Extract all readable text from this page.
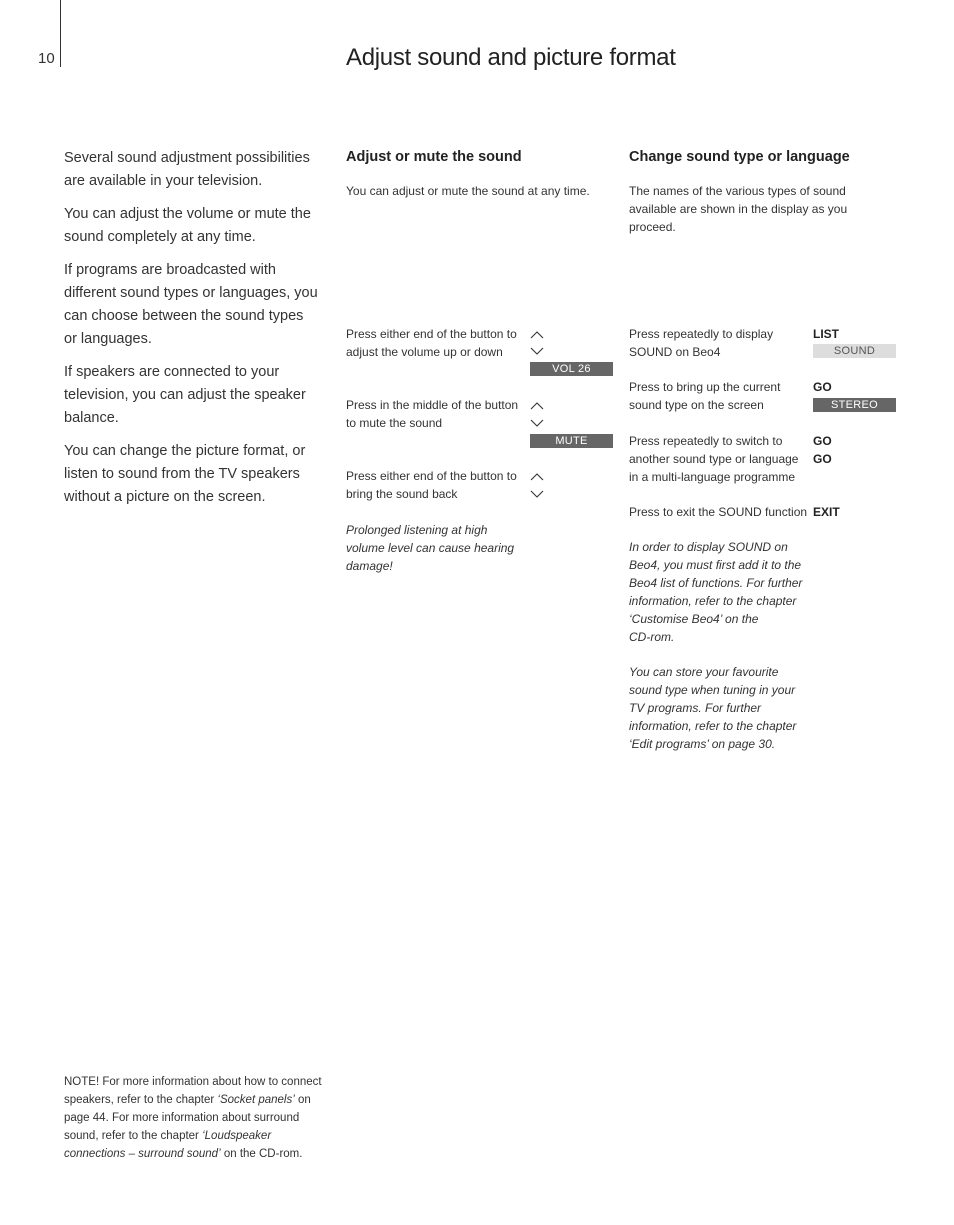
10	Adjust sound and picture format

Several sound adjustment possibilities are available in your television.

You can adjust the volume or mute the sound completely at any time.

If programs are broadcasted with different sound types or languages, you can choose between the sound types or languages.

If speakers are connected to your television, you can adjust the speaker balance.

You can change the picture format, or listen to sound from the TV speakers without a picture on the screen.

Adjust or mute the sound
You can adjust or mute the sound at any time.
Press either end of the button to
adjust the volume up or down
VOL 26
Press in the middle of the button
to mute the sound
MUTE
Press either end of the button to
bring the sound back
Prolonged listening at high
volume level can cause hearing
damage!
Change sound type or language
The names of the various types of sound available are shown in the display as you proceed.
Press repeatedly to display
SOUND on Beo4
LIST
SOUND
Press to bring up the current
sound type on the screen
GO
STEREO
Press repeatedly to switch to
another sound type or language
in a multi-language programme
GO
GO
Press to exit the SOUND function EXIT
In order to display SOUND on
Beo4, you must first add it to the
Beo4 list of functions. For further
information, refer to the chapter
‘Customise Beo4’ on the
CD-rom.
You can store your favourite
sound type when tuning in your
TV programs. For further
information, refer to the chapter
‘Edit programs’ on page 30.
NOTE! For more information about how to connect speakers, refer to the chapter ‘Socket panels’ on page 44. For more information about surround sound, refer to the chapter ‘Loudspeaker connections – surround sound’ on the CD-rom.
